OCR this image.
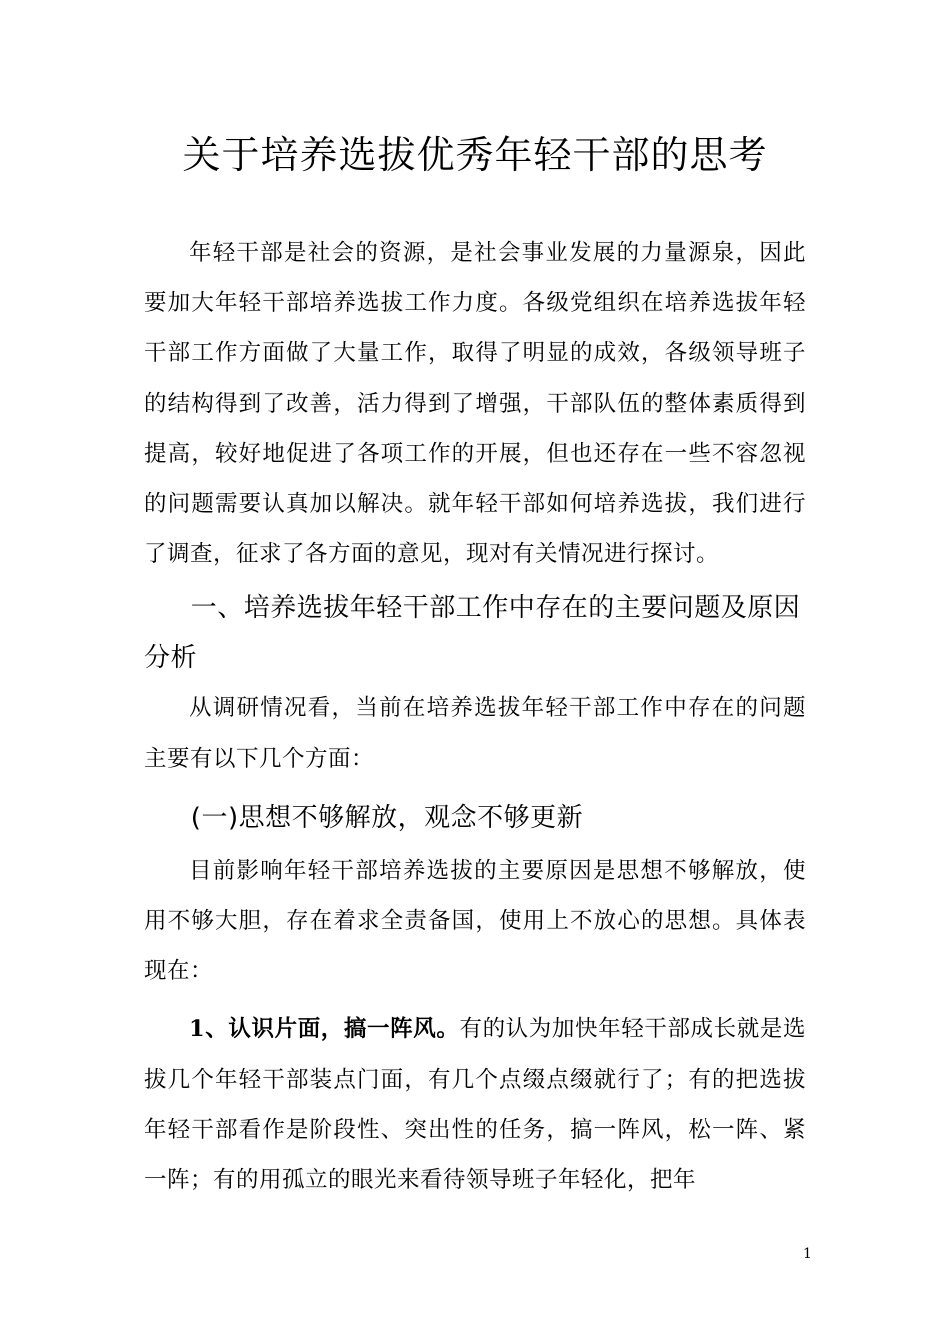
关于培养选拔优秀年轻干部的思考

年轻干部是社会的资源，是社会事业发展的力量源泉，因此要加大年轻干部培养选拔工作力度。各级党组织在培养选拔年轻干部工作方面做了大量工作，取得了明显的成效，各级领导班子的结构得到了改善，活力得到了增强，干部队伍的整体素质得到提高，较好地促进了各项工作的开展，但也还存在一些不容忽视的问题需要认真加以解决。就年轻干部如何培养选拔，我们进行了调查，征求了各方面的意见，现对有关情况进行探讨。

一、培养选拔年轻干部工作中存在的主要问题及原因分析

从调研情况看，当前在培养选拔年轻干部工作中存在的问题主要有以下几个方面：

(一)思想不够解放，观念不够更新

目前影响年轻干部培养选拔的主要原因是思想不够解放，使用不够大胆，存在着求全责备国，使用上不放心的思想。具体表现在：

1、认识片面，搞一阵风。有的认为加快年轻干部成长就是选拔几个年轻干部装点门面，有几个点缀点缀就行了；有的把选拔年轻干部看作是阶段性、突出性的任务，搞一阵风，松一阵、紧一阵；有的用孤立的眼光来看待领导班子年轻化，把年

1
